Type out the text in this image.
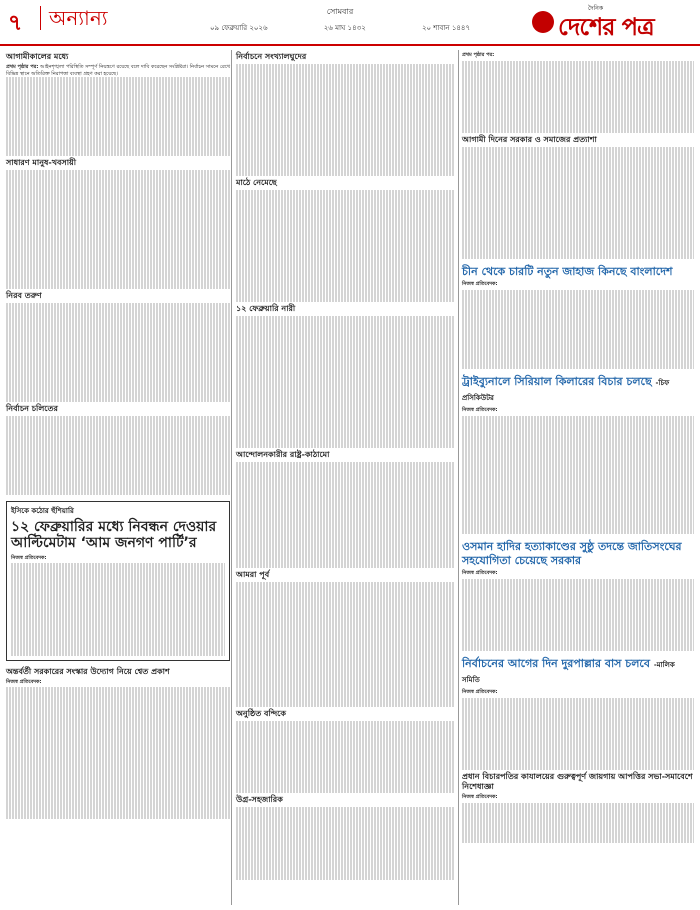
৭	অন্যান্য	সোমবার
০৯ ফেব্রুয়ারি ২০২৬	২৬ মাঘ ১৪৩২	২০ শাবান ১৪৪৭
দৈনিক
দেশের পত্র
আগামীকালের মধ্যে

প্রথম পৃষ্ঠার পর: আইনশৃঙ্খলা পরিস্থিতি সম্পূর্ণ নিয়ন্ত্রণে রয়েছে বলে দাবি করেছেন সংশ্লিষ্টরা। নির্বাচন সামনে রেখে বিভিন্ন স্থানে অতিরিক্ত নিরাপত্তা ব্যবস্থা গ্রহণ করা হয়েছে।

সাধারণ মানুষ-খবসায়ী
নিরব তরুণ
নির্বাচন চলিতের
ইসিকে কঠোর হুঁশিয়ারি
১২ ফেব্রুয়ারির মধ্যে নিবন্ধন দেওয়ার আল্টিমেটাম ‘আম জনগণ পার্টি’র
নিজস্ব প্রতিবেদক:
অন্তর্বর্তী সরকারের সংস্কার উদ্যোগ নিয়ে শ্বেত প্রকাশ
নিজস্ব প্রতিবেদক:
নির্বাচনে সংখ্যালঘুদের
মাঠে নেমেছে
১২ ফেব্রুয়ারি নারী
আন্দোলনকারীর রাষ্ট্র-কাঠামো
আমরা পূর্ব
অনুষ্ঠিত বন্দিকে
উগ্র-সহজারিক
প্রথম পৃষ্ঠার পর:
আগামী দিনের সরকার ও সমাজের প্রত্যাশা
চীন থেকে চারটি নতুন জাহাজ কিনছে বাংলাদেশ
নিজস্ব প্রতিবেদক:
ট্রাইব্যুনালে সিরিয়াল কিলারের বিচার চলছে -চিফ প্রসিকিউটর
নিজস্ব প্রতিবেদক:
ওসমান হাদির হত্যাকাণ্ডের সুষ্ঠু তদন্তে জাতিসংঘের সহযোগিতা চেয়েছে সরকার
নিজস্ব প্রতিবেদক:
নির্বাচনের আগের দিন দুরপাল্লার বাস চলবে -মালিক সমিতি
নিজস্ব প্রতিবেদক:
প্রধান বিচারপতির কাযালয়ের গুরুত্বপূর্ণ জায়গায় আপত্তির সভা-সমাবেশে নিশেধাজ্ঞা
নিজস্ব প্রতিবেদক:
